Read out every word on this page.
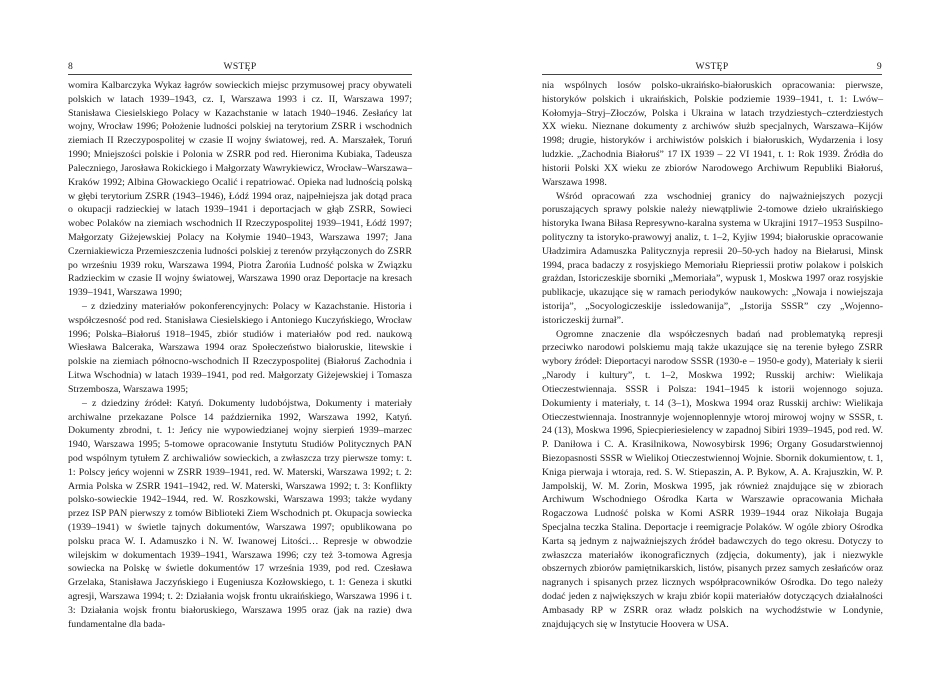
8	WSTĘP

womira Kalbarczyka Wykaz łagrów sowieckich miejsc przymusowej pracy obywateli polskich w latach 1939–1943, cz. I, Warszawa 1993 i cz. II, Warszawa 1997; Stanisława Ciesielskiego Polacy w Kazachstanie w latach 1940–1946. Zesłańcy lat wojny, Wrocław 1996; Położenie ludności polskiej na terytorium ZSRR i wschodnich ziemiach II Rzeczypospolitej w czasie II wojny światowej, red. A. Marszałek, Toruń 1990; Mniejszości polskie i Polonia w ZSRR pod red. Hieronima Kubiaka, Tadeusza Paleczniego, Jarosława Rokickiego i Małgorzaty Wawrykiewicz, Wrocław–Warszawa–Kraków 1992; Albina Głowackiego Ocalić i repatriować. Opieka nad ludnością polską w głębi terytorium ZSRR (1943–1946), Łódź 1994 oraz, najpełniejsza jak dotąd praca o okupacji radzieckiej w latach 1939–1941 i deportacjach w głąb ZSRR, Sowieci wobec Polaków na ziemiach wschodnich II Rzeczypospolitej 1939–1941, Łódź 1997; Małgorzaty Giżejewskiej Polacy na Kołymie 1940–1943, Warszawa 1997; Jana Czerniakiewicza Przemieszczenia ludności polskiej z terenów przyłączonych do ZSRR po wrześniu 1939 roku, Warszawa 1994, Piotra Żarońia Ludność polska w Związku Radzieckim w czasie II wojny światowej, Warszawa 1990 oraz Deportacje na kresach 1939–1941, Warszawa 1990;

– z dziedziny materiałów pokonferencyjnych: Polacy w Kazachstanie. Historia i współczesność pod red. Stanisława Ciesielskiego i Antoniego Kuczyńskiego, Wrocław 1996; Polska–Białoruś 1918–1945, zbiór studiów i materiałów pod red. naukową Wiesława Balceraka, Warszawa 1994 oraz Społeczeństwo białoruskie, litewskie i polskie na ziemiach północno-wschodnich II Rzeczypospolitej (Białoruś Zachodnia i Litwa Wschodnia) w latach 1939–1941, pod red. Małgorzaty Giżejewskiej i Tomasza Strzembosza, Warszawa 1995;

– z dziedziny źródeł: Katyń. Dokumenty ludobójstwa, Dokumenty i materiały archiwalne przekazane Polsce 14 października 1992, Warszawa 1992, Katyń. Dokumenty zbrodni, t. 1: Jeńcy nie wypowiedzianej wojny sierpień 1939–marzec 1940, Warszawa 1995; 5-tomowe opracowanie Instytutu Studiów Politycznych PAN pod wspólnym tytułem Z archiwaliów sowieckich, a zwłaszcza trzy pierwsze tomy: t. 1: Polscy jeńcy wojenni w ZSRR 1939–1941, red. W. Materski, Warszawa 1992; t. 2: Armia Polska w ZSRR 1941–1942, red. W. Materski, Warszawa 1992; t. 3: Konflikty polsko-sowieckie 1942–1944, red. W. Roszkowski, Warszawa 1993; także wydany przez ISP PAN pierwszy z tomów Biblioteki Ziem Wschodnich pt. Okupacja sowiecka (1939–1941) w świetle tajnych dokumentów, Warszawa 1997; opublikowana po polsku praca W. I. Adamuszko i N. W. Iwanowej Litości… Represje w obwodzie wilejskim w dokumentach 1939–1941, Warszawa 1996; czy też 3-tomowa Agresja sowiecka na Polskę w świetle dokumentów 17 września 1939, pod red. Czesława Grzelaka, Stanisława Jaczyńskiego i Eugeniusza Kozłowskiego, t. 1: Geneza i skutki agresji, Warszawa 1994; t. 2: Działania wojsk frontu ukraińskiego, Warszawa 1996 i t. 3: Działania wojsk frontu białoruskiego, Warszawa 1995 oraz (jak na razie) dwa fundamentalne dla bada-

WSTĘP	9

nia wspólnych losów polsko-ukraińsko-białoruskich opracowania: pierwsze, historyków polskich i ukraińskich, Polskie podziemie 1939–1941, t. 1: Lwów–Kołomyja–Stryj–Złoczów, Polska i Ukraina w latach trzydziestych–czterdziestych XX wieku. Nieznane dokumenty z archiwów służb specjalnych, Warszawa–Kijów 1998; drugie, historyków i archiwistów polskich i białoruskich, Wydarzenia i losy ludzkie. „Zachodnia Białoruś” 17 IX 1939 – 22 VI 1941, t. 1: Rok 1939. Źródła do historii Polski XX wieku ze zbiorów Narodowego Archiwum Republiki Białoruś, Warszawa 1998.

Wśród opracowań zza wschodniej granicy do najważniejszych pozycji poruszających sprawy polskie należy niewątpliwie 2-tomowe dzieło ukraińskiego historyka Iwana Biłasa Represywno-karalna systema w Ukrajini 1917–1953 Suspilno-polityczny ta istoryko-prawowyj analiz, t. 1–2, Kyjiw 1994; białoruskie opracowanie Uładzimira Adamuszka Palitycznyja represii 20–50-ych hadoy na Biełarusi, Minsk 1994, praca badaczy z rosyjskiego Memoriału Riepriessii protiw polakow i polskich grażdan, Istoriczeskije sborniki „Memoriała”, wypusk 1, Moskwa 1997 oraz rosyjskie publikacje, ukazujące się w ramach periodyków naukowych: „Nowaja i nowiejszaja istorija”, „Socyologiczeskije issledowanija”, „Istorija SSSR” czy „Wojenno-istoriczeskij żurnał”.

Ogromne znaczenie dla współczesnych badań nad problematyką represji przeciwko narodowi polskiemu mają także ukazujące się na terenie byłego ZSRR wybory źródeł: Dieportacyi narodow SSSR (1930-e – 1950-e gody), Materiały k sierii „Narody i kultury”, t. 1–2, Moskwa 1992; Russkij archiw: Wielikaja Otieczestwiennaja. SSSR i Polsza: 1941–1945 k istorii wojennogo sojuza. Dokumienty i materiały, t. 14 (3–1), Moskwa 1994 oraz Russkij archiw: Wielikaja Otieczestwiennaja. Inostrannyje wojennoplennyje wtoroj mirowoj wojny w SSSR, t. 24 (13), Moskwa 1996, Spiecpieriesielency w zapadnoj Sibiri 1939–1945, pod red. W. P. Daniłowa i C. A. Krasilnikowa, Nowosybirsk 1996; Organy Gosudarstwiennoj Biezopasnosti SSSR w Wielikoj Otieczestwiennoj Wojnie. Sbornik dokumientow, t. 1, Kniga pierwaja i wtoraja, red. S. W. Stiepaszin, A. P. Bykow, A. A. Krajuszkin, W. P. Jampolskij, W. M. Zorin, Moskwa 1995, jak również znajdujące się w zbiorach Archiwum Wschodniego Ośrodka Karta w Warszawie opracowania Michała Rogaczowa Ludność polska w Komi ASRR 1939–1944 oraz Nikołaja Bugaja Specjalna teczka Stalina. Deportacje i reemigracje Polaków. W ogóle zbiory Ośrodka Karta są jednym z najważniejszych źródeł badawczych do tego okresu. Dotyczy to zwłaszcza materiałów ikonograficznych (zdjęcia, dokumenty), jak i niezwykle obszernych zbiorów pamiętnikarskich, listów, pisanych przez samych zesłańców oraz nagranych i spisanych przez licznych współpracowników Ośrodka. Do tego należy dodać jeden z największych w kraju zbiór kopii materiałów dotyczących działalności Ambasady RP w ZSRR oraz władz polskich na wychodźstwie w Londynie, znajdujących się w Instytucie Hoovera w USA.
